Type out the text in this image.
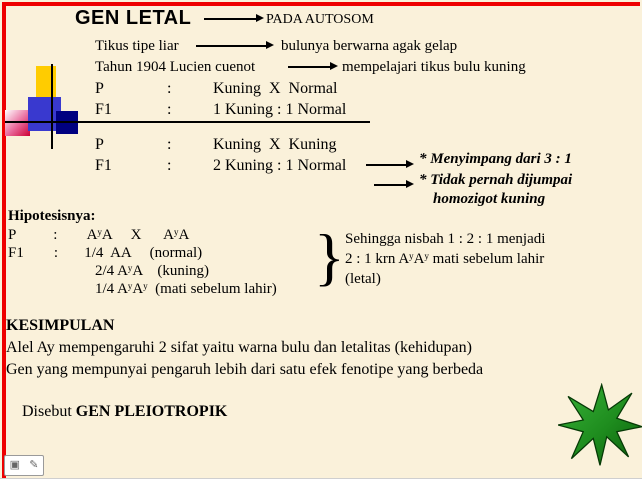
GEN LETAL	PADA AUTOSOM
Tikus tipe liar	bulunya berwarna agak gelap
Tahun 1904 Lucien cuenot	mempelajari tikus bulu kuning
P	:	Kuning  X  Normal
F1	:	1 Kuning : 1 Normal
P	:	Kuning  X  Kuning
F1	:	2 Kuning : 1 Normal	* Menyimpang dari 3 : 1
* Tidak pernah dijumpai
homozigot kuning
Hipotesisnya:
P          :        AʸA     X      AʸA
F1        :       1/4  AA     (normal)
2/4 AʸA    (kuning)
1/4 AʸAʸ  (mati sebelum lahir) } Sehingga nisbah 1 : 2 : 1 menjadi
2 : 1 krn AʸAʸ mati sebelum lahir
(letal)
KESIMPULAN
Alel Ay mempengaruhi 2 sifat yaitu warna bulu dan letalitas (kehidupan)
Gen yang mempunyai pengaruh lebih dari satu efek fenotipe yang berbeda

Disebut GEN PLEIOTROPIK

▣ ✎
